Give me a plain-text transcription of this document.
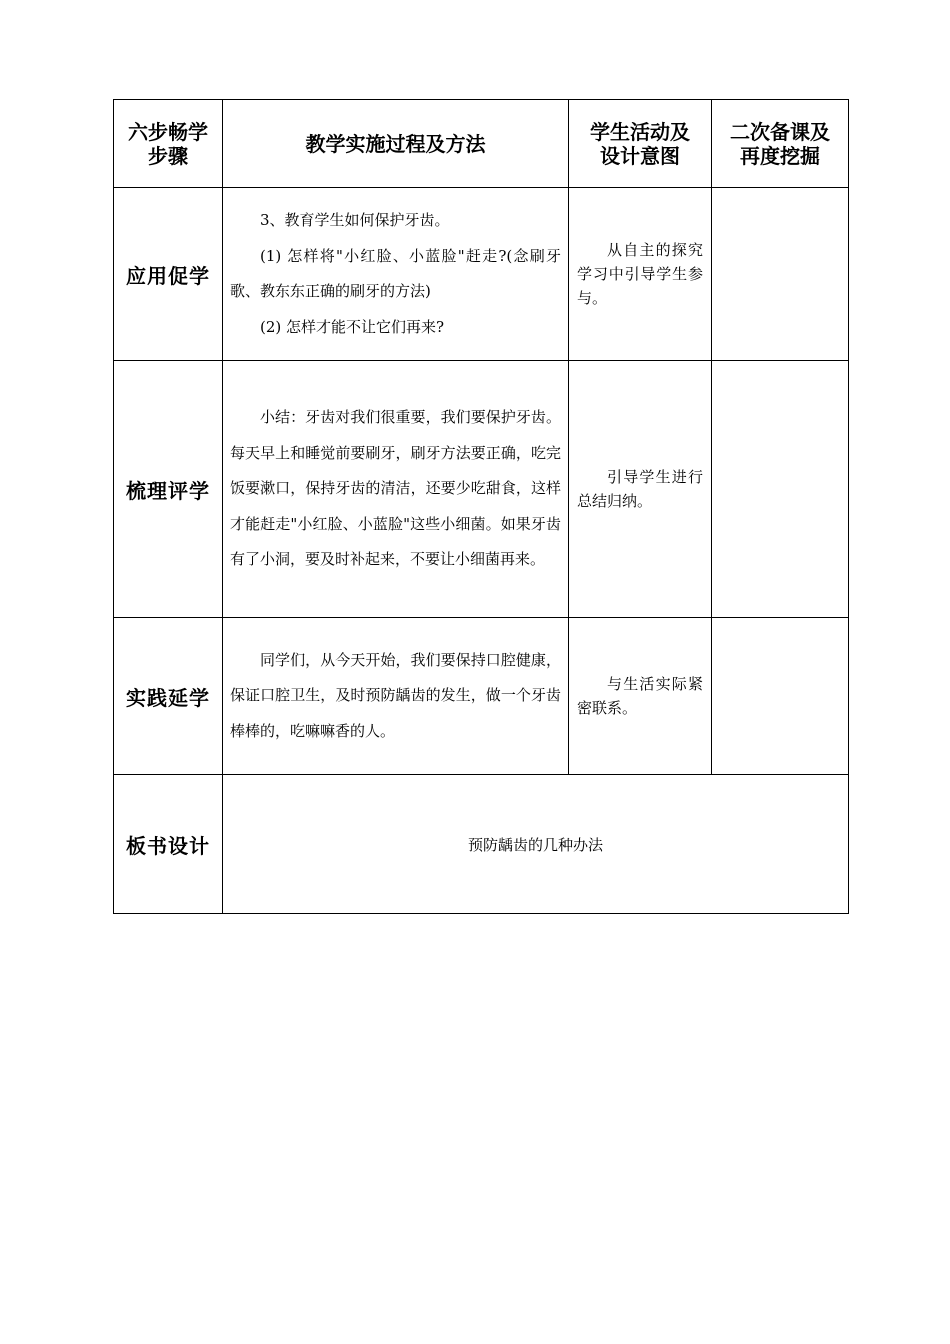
六步畅学步骤	教学实施过程及方法	学生活动及设计意图	二次备课及再度挖掘

应用促学	3、教育学生如何保护牙齿。

(1) 怎样将"小红脸、小蓝脸"赶走?(念刷牙歌、教东东正确的刷牙的方法)

(2) 怎样才能不让它们再来?	从自主的探究学习中引导学生参与。	

梳理评学	小结：牙齿对我们很重要，我们要保护牙齿。每天早上和睡觉前要刷牙，刷牙方法要正确，吃完饭要漱口，保持牙齿的清洁，还要少吃甜食，这样才能赶走"小红脸、小蓝脸"这些小细菌。如果牙齿有了小洞，要及时补起来，不要让小细菌再来。	引导学生进行总结归纳。	

实践延学	同学们，从今天开始，我们要保持口腔健康，保证口腔卫生，及时预防龋齿的发生，做一个牙齿棒棒的，吃嘛嘛香的人。	与生活实际紧密联系。	

板书设计	预防龋齿的几种办法		
